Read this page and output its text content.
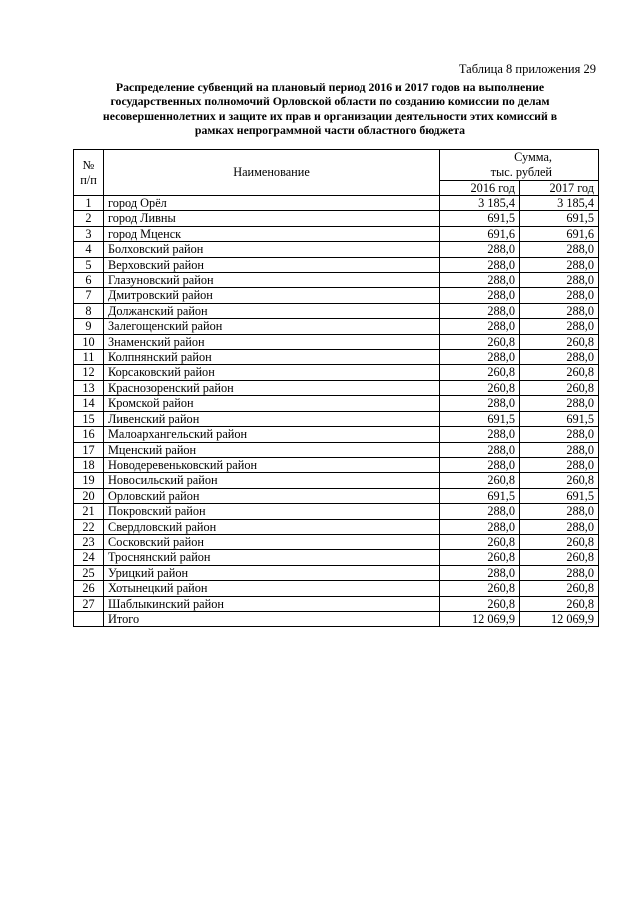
Таблица 8 приложения 29
Распределение субвенций на плановый период 2016 и 2017 годов на выполнение
государственных полномочий Орловской области по созданию комиссии по делам
несовершеннолетних и защите их прав и организации деятельности этих комиссий в
рамках непрограммной части областного бюджета
№
п/п	Наименование	Сумма,
тыс. рублей	

		2016 год	2017 год
1	город Орёл	3 185,4	3 185,4
2	город Ливны	691,5	691,5
3	город Мценск	691,6	691,6
4	Болховский район	288,0	288,0
5	Верховский район	288,0	288,0
6	Глазуновский район	288,0	288,0
7	Дмитровский район	288,0	288,0
8	Должанский район	288,0	288,0
9	Залегощенский район	288,0	288,0
10	Знаменский район	260,8	260,8
11	Колпнянский район	288,0	288,0
12	Корсаковский район	260,8	260,8
13	Краснозоренский район	260,8	260,8
14	Кромской район	288,0	288,0
15	Ливенский район	691,5	691,5
16	Малоархангельский район	288,0	288,0
17	Мценский район	288,0	288,0
18	Новодеревеньковский район	288,0	288,0
19	Новосильский район	260,8	260,8
20	Орловский район	691,5	691,5
21	Покровский район	288,0	288,0
22	Свердловский район	288,0	288,0
23	Сосковский район	260,8	260,8
24	Троснянский район	260,8	260,8
25	Урицкий район	288,0	288,0
26	Хотынецкий район	260,8	260,8
27	Шаблыкинский район	260,8	260,8
	Итого	12 069,9	12 069,9
